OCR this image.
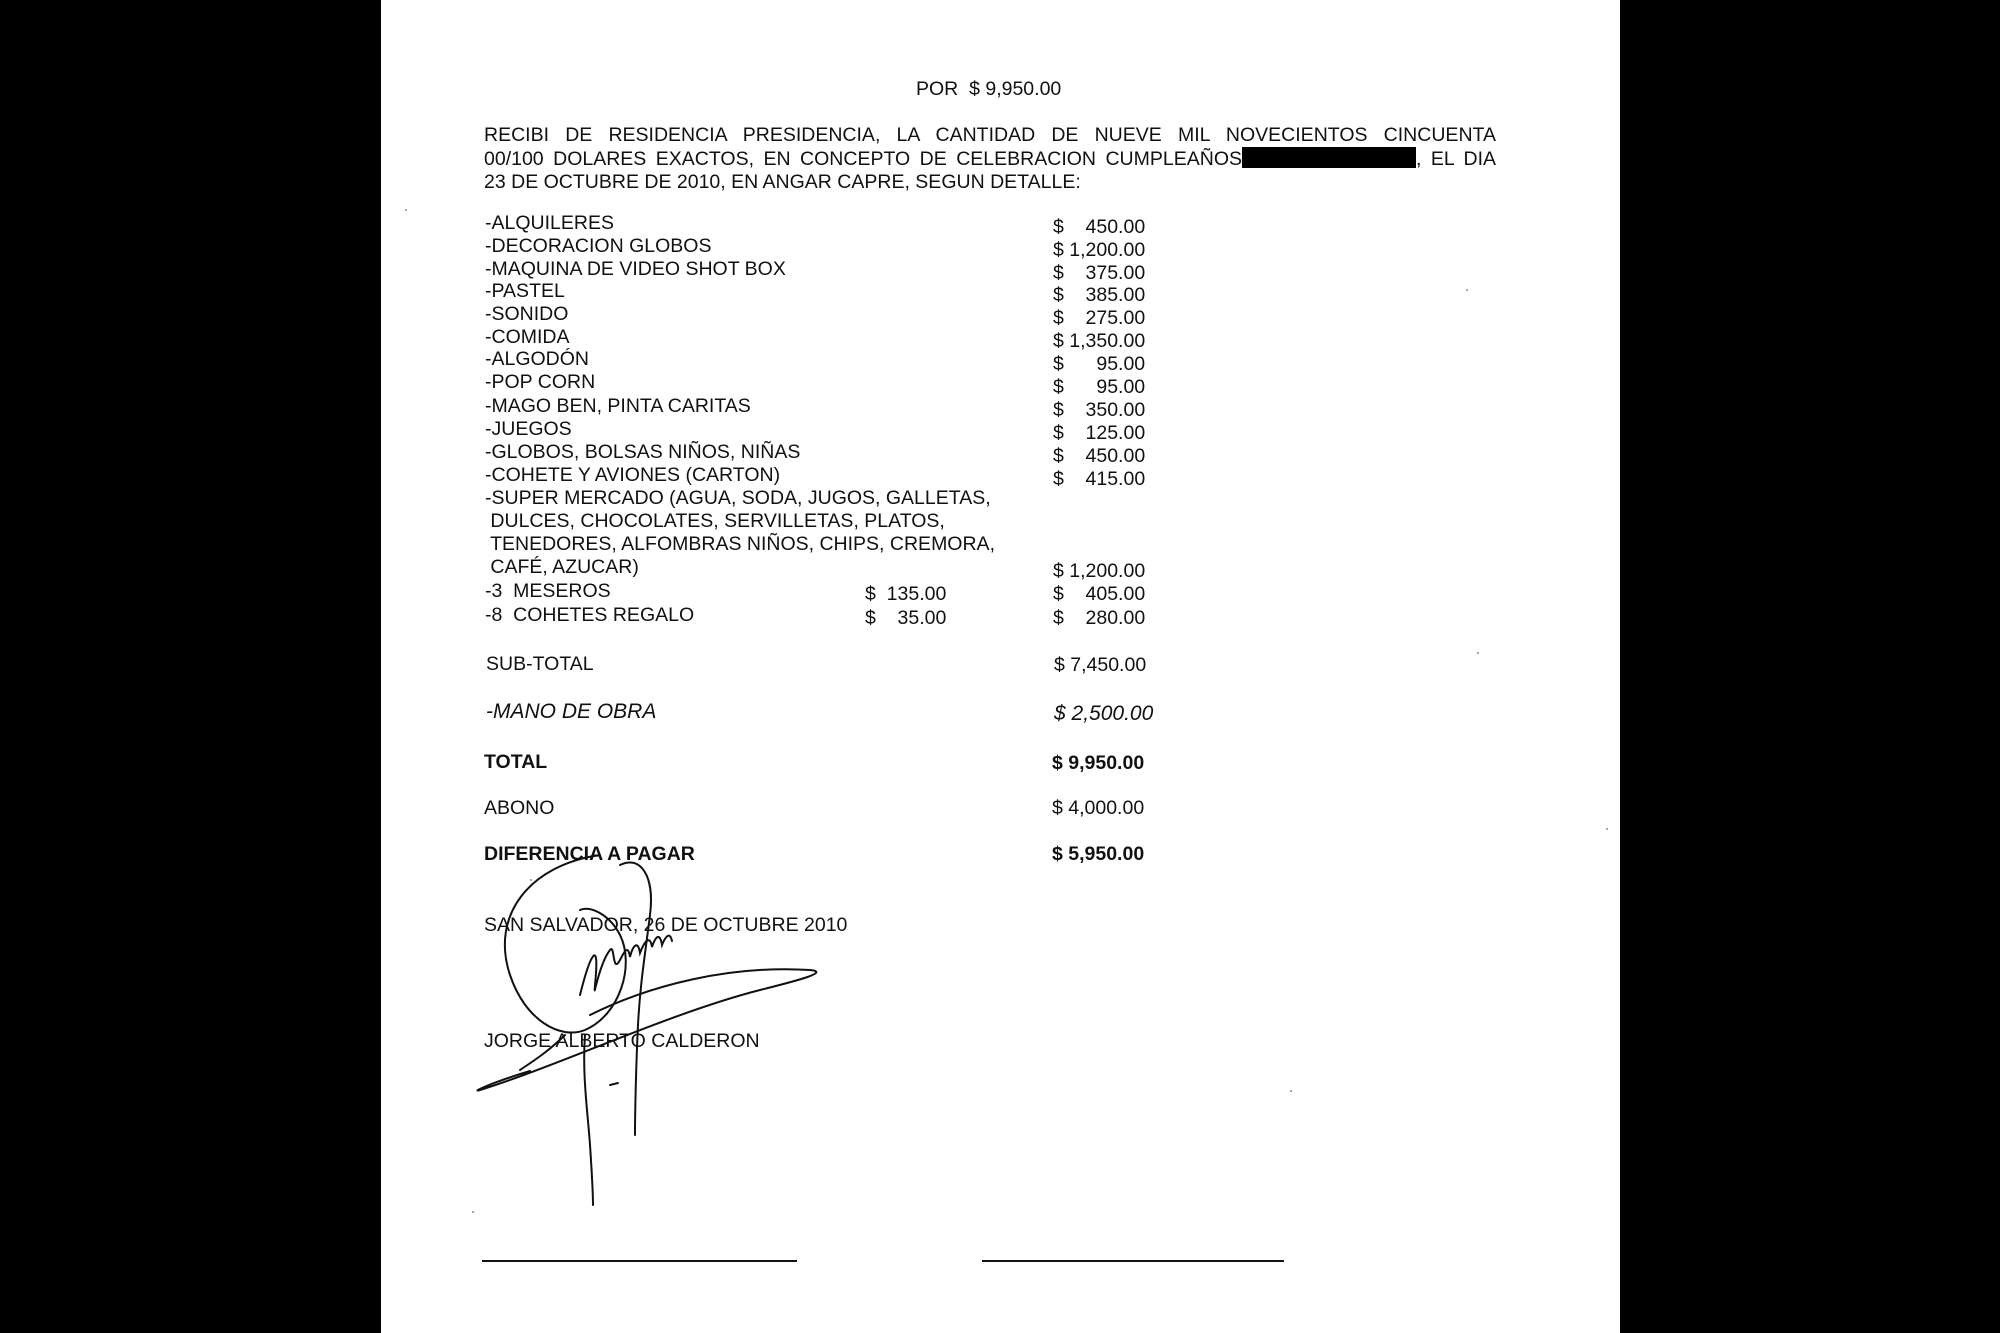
POR  $ 9,950.00
RECIBI DE RESIDENCIA PRESIDENCIA, LA CANTIDAD DE NUEVE MIL NOVECIENTOS CINCUENTA
00/100 DOLARES EXACTOS, EN CONCEPTO DE CELEBRACION CUMPLEAÑOS	, EL DIA
23 DE OCTUBRE DE 2010, EN ANGAR CAPRE, SEGUN DETALLE:
-ALQUILERES	$    450.00
-DECORACION GLOBOS	$ 1,200.00
-MAQUINA DE VIDEO SHOT BOX	$    375.00
-PASTEL	$    385.00
-SONIDO	$    275.00
-COMIDA	$ 1,350.00
-ALGODÓN	$      95.00
-POP CORN	$      95.00
-MAGO BEN, PINTA CARITAS	$    350.00
-JUEGOS	$    125.00
-GLOBOS, BOLSAS NIÑOS, NIÑAS	$    450.00
-COHETE Y AVIONES (CARTON)	$    415.00
-SUPER MERCADO (AGUA, SODA, JUGOS, GALLETAS,
DULCES, CHOCOLATES, SERVILLETAS, PLATOS,
TENEDORES, ALFOMBRAS NIÑOS, CHIPS, CREMORA,
CAFÉ, AZUCAR)	$ 1,200.00
-3  MESEROS	$  135.00	$    405.00
-8  COHETES REGALO	$    35.00	$    280.00
SUB-TOTAL	$ 7,450.00
-MANO DE OBRA	$ 2,500.00
TOTAL	$ 9,950.00
ABONO	$ 4,000.00
DIFERENCIA A PAGAR	$ 5,950.00
SAN SALVADOR, 26 DE OCTUBRE 2010
JORGE ALBERTO CALDERON
